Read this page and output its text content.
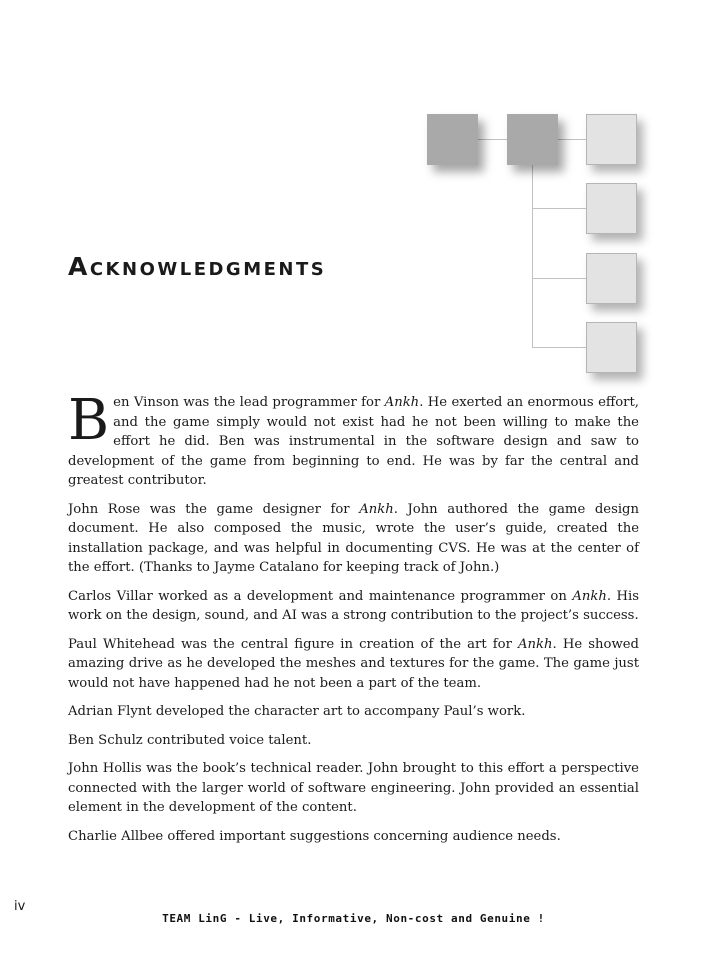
Acknowledgments

Ben Vinson was the lead programmer for Ankh. He exerted an enormous effort, and the game simply would not exist had he not been willing to make the effort he did. Ben was instrumental in the software design and saw to development of the game from beginning to end. He was by far the central and greatest contributor.

John Rose was the game designer for Ankh. John authored the game design document. He also composed the music, wrote the user’s guide, created the installation package, and was helpful in documenting CVS. He was at the center of the effort. (Thanks to Jayme Catalano for keeping track of John.)

Carlos Villar worked as a development and maintenance programmer on Ankh. His work on the design, sound, and AI was a strong contribution to the project’s success.

Paul Whitehead was the central figure in creation of the art for Ankh. He showed amazing drive as he developed the meshes and textures for the game. The game just would not have happened had he not been a part of the team.

Adrian Flynt developed the character art to accompany Paul’s work.

Ben Schulz contributed voice talent.

John Hollis was the book’s technical reader. John brought to this effort a perspective connected with the larger world of software engineering. John provided an essential element in the development of the content.

Charlie Allbee offered important suggestions concerning audience needs.

iv
TEAM LinG - Live, Informative, Non-cost and Genuine !
